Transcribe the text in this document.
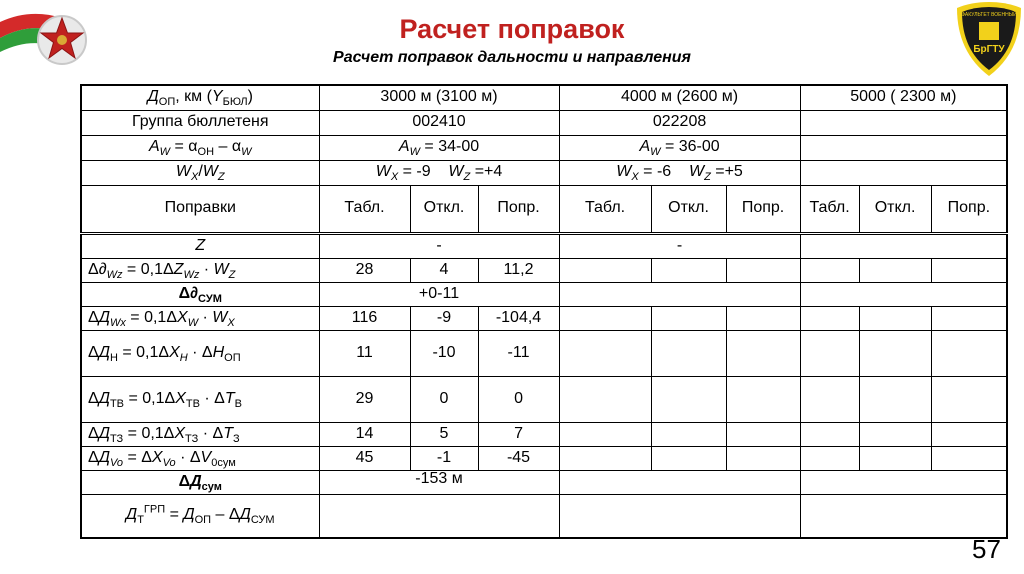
ФАКУЛЬТЕТ ВОЕННЫЙ
БрГТУ
Расчет поправок
Расчет поправок дальности и направления
$Д_{ОП}$, км $(Y_{БЮЛ})$	3000 м (3100 м)			4000 м (2600 м)			5000 ( 2300 м)		
Группа бюллетеня	002410			022208					
$A_W = \alpha_{ОН} - \alpha_W$	$A_W = 34-00$			$A_W = 36-00$					
$W_X/W_Z$	$W_X = -9$ $W_Z =+4$			$W_X = -6$ $W_Z =+5$					
Поправки	Табл.	Откл.	Попр.	Табл.	Откл.	Попр.	Табл.	Откл.	Попр.
Z	-			-					
$\Delta\partial_{Wz} = 0,1\Delta Z_{Wz} \cdot W_Z$	28	4	11,2						
$\Delta\partial_{СУМ}$	+0-11								
$\Delta Д_{Wx} = 0,1\Delta X_W \cdot W_X$	116	-9	-104,4						
$\Delta Д_Н = 0,1\Delta X_Н \cdot \Delta H_{ОП}$	11	-10	-11						
$\Delta Д_{ТВ} = 0,1\Delta X_{ТВ} \cdot \Delta T_В$	29	0	0						
$\Delta Д_{ТЗ} = 0,1\Delta X_{ТЗ} \cdot \Delta T_З$	14	5	7						
$\Delta Д_{Vo} = \Delta X_{Vo} \cdot \Delta V_{0сум}$	45	-1	-45						
$\Delta Д_{сум}$	-153 м								
$Д_Т^{ГРП} = Д_{ОП} - \Delta Д_{СУМ}$			
57
